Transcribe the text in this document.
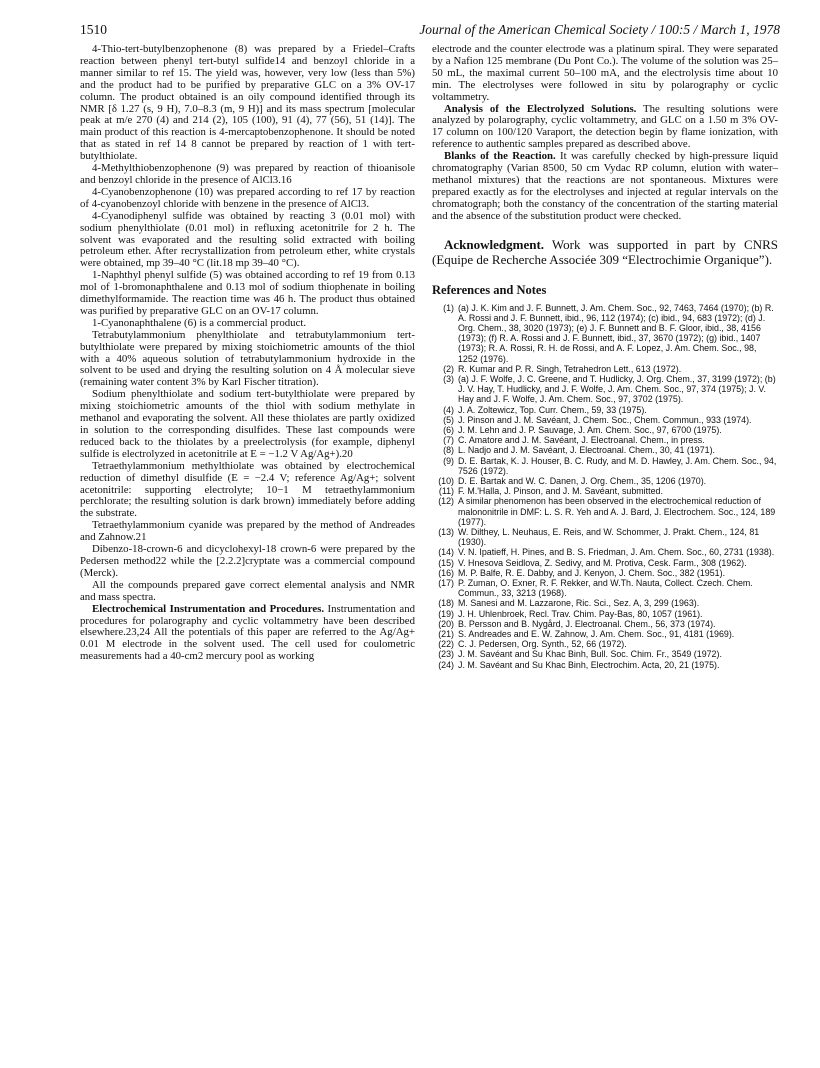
1510	Journal of the American Chemical Society / 100:5 / March 1, 1978

4-Thio-tert-butylbenzophenone (8) was prepared by a Friedel–Crafts reaction between phenyl tert-butyl sulfide14 and benzoyl chloride in a manner similar to ref 15. The yield was, however, very low (less than 5%) and the product had to be purified by preparative GLC on a 3% OV-17 column. The product obtained is an oily compound identified through its NMR [δ 1.27 (s, 9 H), 7.0–8.3 (m, 9 H)] and its mass spectrum [molecular peak at m/e 270 (4) and 214 (2), 105 (100), 91 (4), 77 (56), 51 (14)]. The main product of this reaction is 4-mercaptobenzophenone. It should be noted that as stated in ref 14 8 cannot be prepared by reaction of 1 with tert-butylthiolate.

4-Methylthiobenzophenone (9) was prepared by reaction of thioanisole and benzoyl chloride in the presence of AlCl3.16

4-Cyanobenzophenone (10) was prepared according to ref 17 by reaction of 4-cyanobenzoyl chloride with benzene in the presence of AlCl3.

4-Cyanodiphenyl sulfide was obtained by reacting 3 (0.01 mol) with sodium phenylthiolate (0.01 mol) in refluxing acetonitrile for 2 h. The solvent was evaporated and the resulting solid extracted with boiling petroleum ether. After recrystallization from petroleum ether, white crystals were obtained, mp 39–40 °C (lit.18 mp 39–40 °C).

1-Naphthyl phenyl sulfide (5) was obtained according to ref 19 from 0.13 mol of 1-bromonaphthalene and 0.13 mol of sodium thiophenate in boiling dimethylformamide. The reaction time was 46 h. The product thus obtained was purified by preparative GLC on an OV-17 column.

1-Cyanonaphthalene (6) is a commercial product.

Tetrabutylammonium phenylthiolate and tetrabutylammonium tert-butylthiolate were prepared by mixing stoichiometric amounts of the thiol with a 40% aqueous solution of tetrabutylammonium hydroxide in the solvent to be used and drying the resulting solution on 4 Å molecular sieve (remaining water content 3% by Karl Fischer titration).

Sodium phenylthiolate and sodium tert-butylthiolate were prepared by mixing stoichiometric amounts of the thiol with sodium methylate in methanol and evaporating the solvent. All these thiolates are partly oxidized in solution to the corresponding disulfides. These last compounds were reduced back to the thiolates by a preelectrolysis (for example, diphenyl sulfide is electrolyzed in acetonitrile at E = −1.2 V Ag/Ag+).20

Tetraethylammonium methylthiolate was obtained by electrochemical reduction of dimethyl disulfide (E = −2.4 V; reference Ag/Ag+; solvent acetonitrile: supporting electrolyte; 10−1 M tetraethylammonium perchlorate; the resulting solution is dark brown) immediately before adding the substrate.

Tetraethylammonium cyanide was prepared by the method of Andreades and Zahnow.21

Dibenzo-18-crown-6 and dicyclohexyl-18 crown-6 were prepared by the Pedersen method22 while the [2.2.2]cryptate was a commercial compound (Merck).

All the compounds prepared gave correct elemental analysis and NMR and mass spectra.

Electrochemical Instrumentation and Procedures. Instrumentation and procedures for polarography and cyclic voltammetry have been described elsewhere.23,24 All the potentials of this paper are referred to the Ag/Ag+ 0.01 M electrode in the solvent used. The cell used for coulometric measurements had a 40-cm2 mercury pool as working

electrode and the counter electrode was a platinum spiral. They were separated by a Nafion 125 membrane (Du Pont Co.). The volume of the solution was 25–50 mL, the maximal current 50–100 mA, and the electrolysis time about 10 min. The electrolyses were followed in situ by polarography or cyclic voltammetry.

Analysis of the Electrolyzed Solutions. The resulting solutions were analyzed by polarography, cyclic voltammetry, and GLC on a 1.50 m 3% OV-17 column on 100/120 Varaport, the detection begin by flame ionization, with reference to authentic samples prepared as described above.

Blanks of the Reaction. It was carefully checked by high-pressure liquid chromatography (Varian 8500, 50 cm Vydac RP column, elution with water–methanol mixtures) that the reactions are not spontaneous. Mixtures were prepared exactly as for the electrolyses and injected at regular intervals on the chromatograph; both the constancy of the concentration of the starting material and the absence of the substitution product were checked.

Acknowledgment. Work was supported in part by CNRS (Equipe de Recherche Associée 309 “Electrochimie Organique”).

References and Notes
(1) (a) J. K. Kim and J. F. Bunnett, J. Am. Chem. Soc., 92, 7463, 7464 (1970); (b) R. A. Rossi and J. F. Bunnett, ibid., 96, 112 (1974); (c) ibid., 94, 683 (1972); (d) J. Org. Chem., 38, 3020 (1973); (e) J. F. Bunnett and B. F. Gloor, ibid., 38, 4156 (1973); (f) R. A. Rossi and J. F. Bunnett, ibid., 37, 3670 (1972); (g) ibid., 1407 (1973); R. A. Rossi, R. H. de Rossi, and A. F. Lopez, J. Am. Chem. Soc., 98, 1252 (1976).
(2) R. Kumar and P. R. Singh, Tetrahedron Lett., 613 (1972).
(3) (a) J. F. Wolfe, J. C. Greene, and T. Hudlicky, J. Org. Chem., 37, 3199 (1972); (b) J. V. Hay, T. Hudlicky, and J. F. Wolfe, J. Am. Chem. Soc., 97, 374 (1975); J. V. Hay and J. F. Wolfe, J. Am. Chem. Soc., 97, 3702 (1975).
(4) J. A. Zoltewicz, Top. Curr. Chem., 59, 33 (1975).
(5) J. Pinson and J. M. Savéant, J. Chem. Soc., Chem. Commun., 933 (1974).
(6) J. M. Lehn and J. P. Sauvage, J. Am. Chem. Soc., 97, 6700 (1975).
(7) C. Amatore and J. M. Savéant, J. Electroanal. Chem., in press.
(8) L. Nadjo and J. M. Savéant, J. Electroanal. Chem., 30, 41 (1971).
(9) D. E. Bartak, K. J. Houser, B. C. Rudy, and M. D. Hawley, J. Am. Chem. Soc., 94, 7526 (1972).
(10) D. E. Bartak and W. C. Danen, J. Org. Chem., 35, 1206 (1970).
(11) F. M.'Halla, J. Pinson, and J. M. Savéant, submitted.
(12) A similar phenomenon has been observed in the electrochemical reduction of malononitrile in DMF: L. S. R. Yeh and A. J. Bard, J. Electrochem. Soc., 124, 189 (1977).
(13) W. Dilthey, L. Neuhaus, E. Reis, and W. Schommer, J. Prakt. Chem., 124, 81 (1930).
(14) V. N. Ipatieff, H. Pines, and B. S. Friedman, J. Am. Chem. Soc., 60, 2731 (1938).
(15) V. Hnesova Seidlova, Z. Sedivy, and M. Protiva, Cesk. Farm., 308 (1962).
(16) M. P. Balfe, R. E. Dabby, and J. Kenyon, J. Chem. Soc., 382 (1951).
(17) P. Zuman, O. Exner, R. F. Rekker, and W.Th. Nauta, Collect. Czech. Chem. Commun., 33, 3213 (1968).
(18) M. Sanesi and M. Lazzarone, Ric. Sci., Sez. A, 3, 299 (1963).
(19) J. H. Uhlenbroek, Recl. Trav. Chim. Pay-Bas, 80, 1057 (1961).
(20) B. Persson and B. Nygård, J. Electroanal. Chem., 56, 373 (1974).
(21) S. Andreades and E. W. Zahnow, J. Am. Chem. Soc., 91, 4181 (1969).
(22) C. J. Pedersen, Org. Synth., 52, 66 (1972).
(23) J. M. Savéant and Su Khac Binh, Bull. Soc. Chim. Fr., 3549 (1972).
(24) J. M. Savéant and Su Khac Binh, Electrochim. Acta, 20, 21 (1975).
